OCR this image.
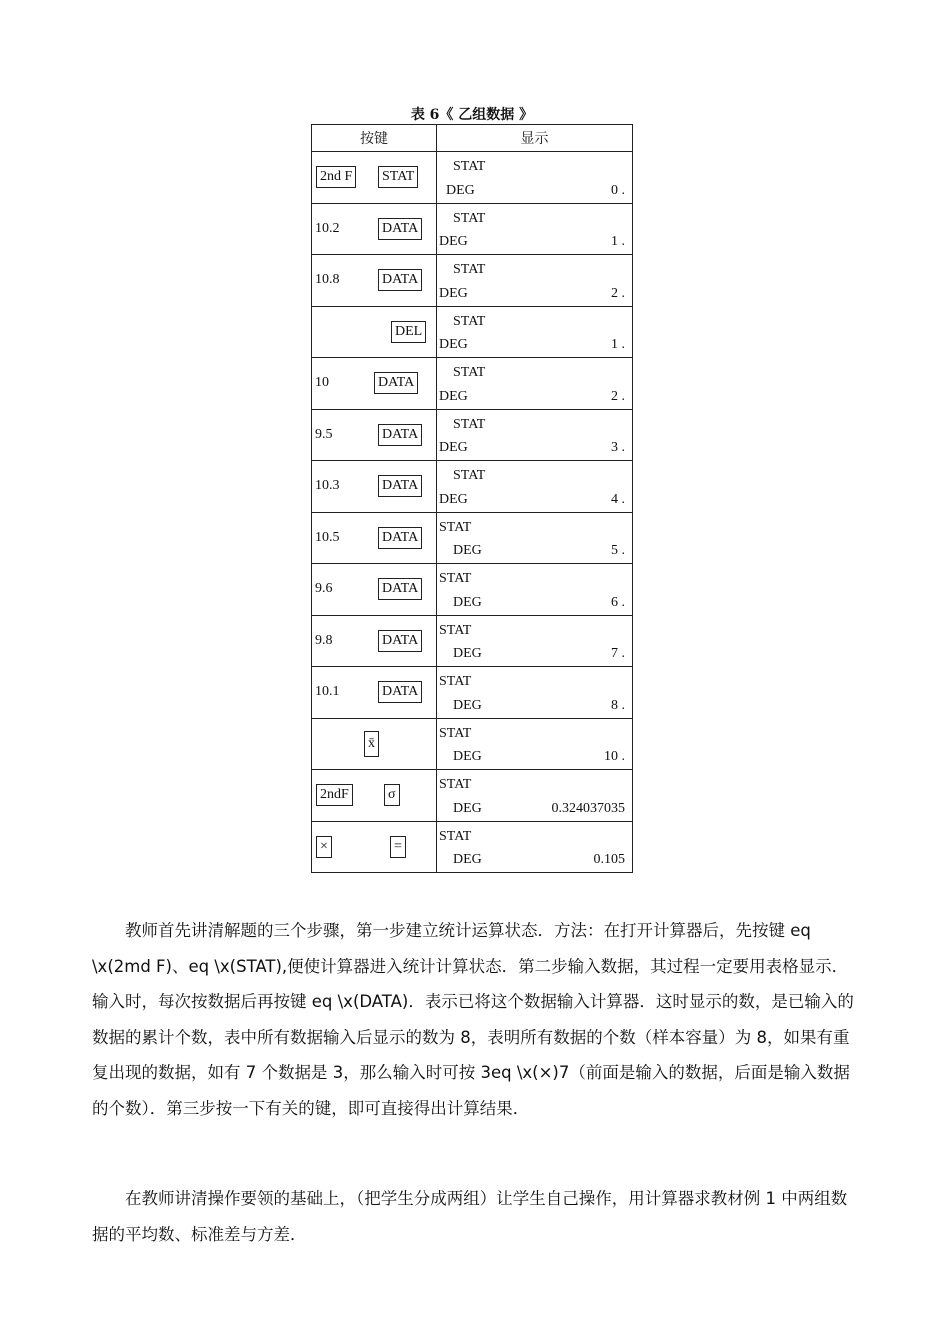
表 6《 乙组数据 》
按键	显示

2nd F STAT	STAT
DEG 0 .

10.2 DATA	STAT
DEG 1 .

10.8 DATA	STAT
DEG 2 .

DEL	STAT
DEG 1 .

10 DATA	STAT
DEG 2 .

9.5 DATA	STAT
DEG 3 .

10.3 DATA	STAT
DEG 4 .

10.5 DATA	STAT
DEG 5 .

9.6 DATA	STAT
DEG 6 .

9.8 DATA	STAT
DEG 7 .

10.1 DATA	STAT
DEG 8 .

x̄	STAT
DEG 10 .

2ndF σ	STAT
DEG 0.324037035

× =	STAT
DEG 0.105

教师首先讲清解题的三个步骤，第一步建立统计运算状态．方法：在打开计算器后，先按键 eq \x(2md F)、eq \x(STAT),便使计算器进入统计计算状态．第二步输入数据，其过程一定要用表格显示．输入时，每次按数据后再按键 eq \x(DATA)．表示已将这个数据输入计算器．这时显示的数，是已输入的数据的累计个数，表中所有数据输入后显示的数为 8，表明所有数据的个数（样本容量）为 8，如果有重复出现的数据，如有 7 个数据是 3，那么输入时可按 3eq \x(×)7（前面是输入的数据，后面是输入数据的个数）．第三步按一下有关的键，即可直接得出计算结果．

在教师讲清操作要领的基础上，（把学生分成两组）让学生自己操作，用计算器求教材例 1 中两组数据的平均数、标准差与方差．
